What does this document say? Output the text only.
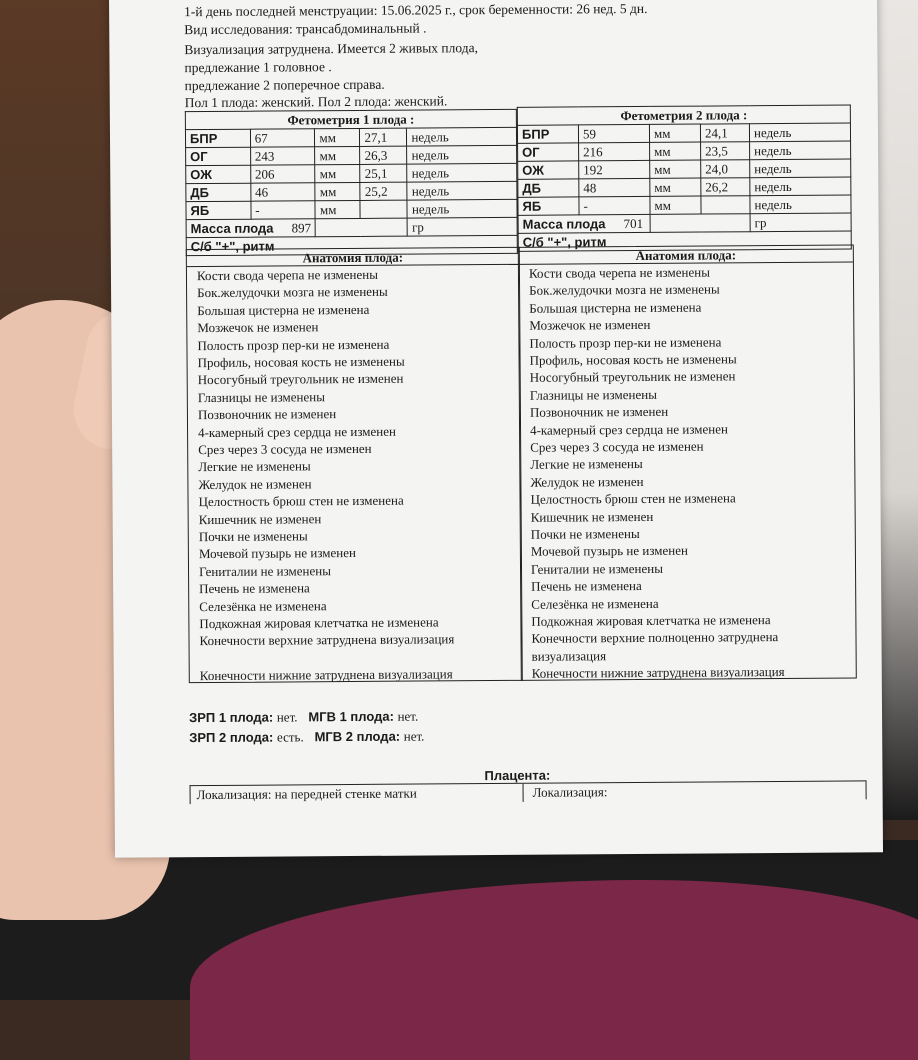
1-й день последней менструации: 15.06.2025 г., срок беременности: 26 нед. 5 дн.
Вид исследования: трансабдоминальный .
Визуализация затруднена. Имеется 2 живых плода,
предлежание 1 головное .
предлежание 2 поперечное справа.
Пол 1 плода: женский. Пол 2 плода: женский.
Фетометрия 1 плода :				
БПР	67	мм	27,1	недель
ОГ	243	мм	26,3	недель
ОЖ	206	мм	25,1	недель
ДБ	46	мм	25,2	недель
ЯБ	-	мм		недель
Масса плода 897				гр
С/б "+", ритм				
Фетометрия 2 плода :				
БПР	59	мм	24,1	недель
ОГ	216	мм	23,5	недель
ОЖ	192	мм	24,0	недель
ДБ	48	мм	26,2	недель
ЯБ	-	мм		недель
Масса плода 701				гр
С/б "+", ритм				
Анатомия плода:
Кости свода черепа не изменены
Бок.желудочки мозга не изменены
Большая цистерна не изменена
Мозжечок не изменен
Полость прозр пер-ки не изменена
Профиль, носовая кость не изменены
Носогубный треугольник не изменен
Глазницы не изменены
Позвоночник не изменен
4-камерный срез сердца не изменен
Срез через 3 сосуда не изменен
Легкие не изменены
Желудок не изменен
Целостность брюш стен не изменена
Кишечник не изменен
Почки не изменены
Мочевой пузырь не изменен
Гениталии не изменены
Печень не изменена
Селезёнка не изменена
Подкожная жировая клетчатка не изменена
Конечности верхние затруднена визуализация
Конечности нижние затруднена визуализация
Анатомия плода:
Кости свода черепа не изменены
Бок.желудочки мозга не изменены
Большая цистерна не изменена
Мозжечок не изменен
Полость прозр пер-ки не изменена
Профиль, носовая кость не изменены
Носогубный треугольник не изменен
Глазницы не изменены
Позвоночник не изменен
4-камерный срез сердца не изменен
Срез через 3 сосуда не изменен
Легкие не изменены
Желудок не изменен
Целостность брюш стен не изменена
Кишечник не изменен
Почки не изменены
Мочевой пузырь не изменен
Гениталии не изменены
Печень не изменена
Селезёнка не изменена
Подкожная жировая клетчатка не изменена
Конечности верхние полноценно затруднена
визуализация
Конечности нижние затруднена визуализация
ЗРП 1 плода: нет. МГВ 1 плода: нет.
ЗРП 2 плода: есть. МГВ 2 плода: нет.
Плацента:
Локализация: на передней стенке матки	Локализация:
